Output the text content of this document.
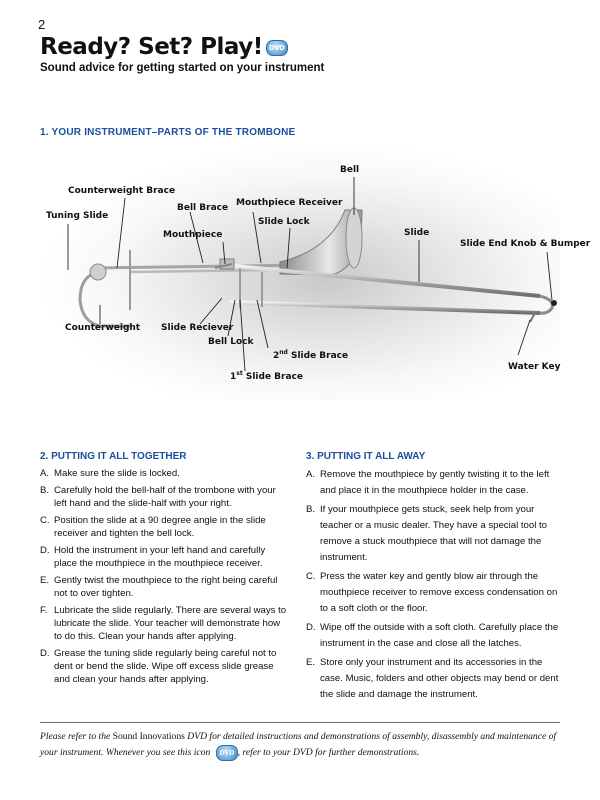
2
Ready? Set? Play! DVD
Sound advice for getting started on your instrument
1. YOUR INSTRUMENT–PARTS OF THE TROMBONE
Bell
Counterweight Brace
Mouthpiece Receiver
Bell Brace
Slide Lock
Tuning Slide
Slide
Mouthpiece
Slide End Knob & Bumper
Counterweight Slide Reciever
Bell Lock
2nd Slide Brace
Water Key
1st Slide Brace
2. PUTTING IT ALL TOGETHER
A. Make sure the slide is locked.
B. Carefully hold the bell-half of the trombone with your left hand and the slide-half with your right.
C. Position the slide at a 90 degree angle in the slide receiver and tighten the bell lock.
D. Hold the instrument in your left hand and carefully place the mouthpiece in the mouthpiece receiver.
E. Gently twist the mouthpiece to the right being careful not to over tighten.
F. Lubricate the slide regularly. There are several ways to lubricate the slide. Your teacher will demonstrate how to do this. Clean your hands after applying.
D. Grease the tuning slide regularly being careful not to dent or bend the slide. Wipe off excess slide grease and clean your hands after applying.
3. PUTTING IT ALL AWAY
A. Remove the mouthpiece by gently twisting it to the left and place it in the mouthpiece holder in the case.
B. If your mouthpiece gets stuck, seek help from your teacher or a music dealer. They have a special tool to remove a stuck mouthpiece that will not damage the instrument.
C. Press the water key and gently blow air through the mouthpiece receiver to remove excess condensation on to a soft cloth or the floor.
D. Wipe off the outside with a soft cloth. Carefully place the instrument in the case and close all the latches.
E. Store only your instrument and its accessories in the case. Music, folders and other objects may bend or dent the slide and damage the instrument.
Please refer to the Sound Innovations DVD for detailed instructions and demonstrations of assembly, disassembly and maintenance of your instrument. Whenever you see this icon DVD , refer to your DVD for further demonstrations.
